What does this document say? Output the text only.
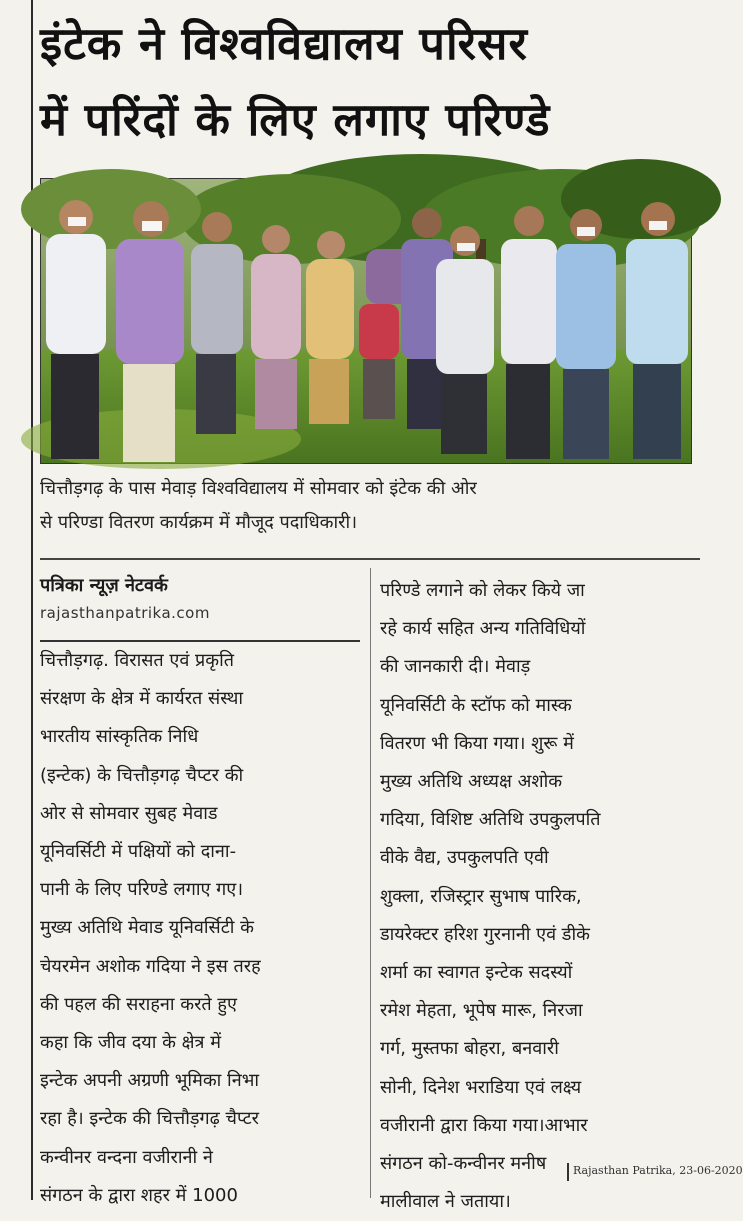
इंटेक ने विश्वविद्यालय परिसर
में परिंदों के लिए लगाए परिण्डे
चित्तौड़गढ़ के पास मेवाड़ विश्वविद्यालय में सोमवार को इंटेक की ओर
से परिण्डा वितरण कार्यक्रम में मौजूद पदाधिकारी।
पत्रिका न्यूज़ नेटवर्क
rajasthanpatrika.com
चित्तौड़गढ़. विरासत एवं प्रकृति
संरक्षण के क्षेत्र में कार्यरत संस्था
भारतीय सांस्कृतिक निधि
(इन्टेक) के चित्तौड़गढ़ चैप्टर की
ओर से सोमवार सुबह मेवाड
यूनिवर्सिटी में पक्षियों को दाना-
पानी के लिए परिण्डे लगाए गए।
मुख्य अतिथि मेवाड यूनिवर्सिटी के
चेयरमेन अशोक गदिया ने इस तरह
की पहल की सराहना करते हुए
कहा कि जीव दया के क्षेत्र में
इन्टेक अपनी अग्रणी भूमिका निभा
रहा है। इन्टेक की चित्तौड़गढ़ चैप्टर
कन्वीनर वन्दना वजीरानी ने
संगठन के द्वारा शहर में 1000
परिण्डे लगाने को लेकर किये जा
रहे कार्य सहित अन्य गतिविधियों
की जानकारी दी। मेवाड़
यूनिवर्सिटी के स्टॉफ को मास्क
वितरण भी किया गया। शुरू में
मुख्य अतिथि अध्यक्ष अशोक
गदिया, विशिष्ट अतिथि उपकुलपति
वीके वैद्य, उपकुलपति एवी
शुक्ला, रजिस्ट्रार सुभाष पारिक,
डायरेक्टर हरिश गुरनानी एवं डीके
शर्मा का स्वागत इन्टेक सदस्यों
रमेश मेहता, भूपेष मारू, निरजा
गर्ग, मुस्तफा बोहरा, बनवारी
सोनी, दिनेश भराडिया एवं लक्ष्य
वजीरानी द्वारा किया गया।आभार
संगठन को-कन्वीनर मनीष
मालीवाल ने जताया।
Rajasthan Patrika, 23-06-2020
